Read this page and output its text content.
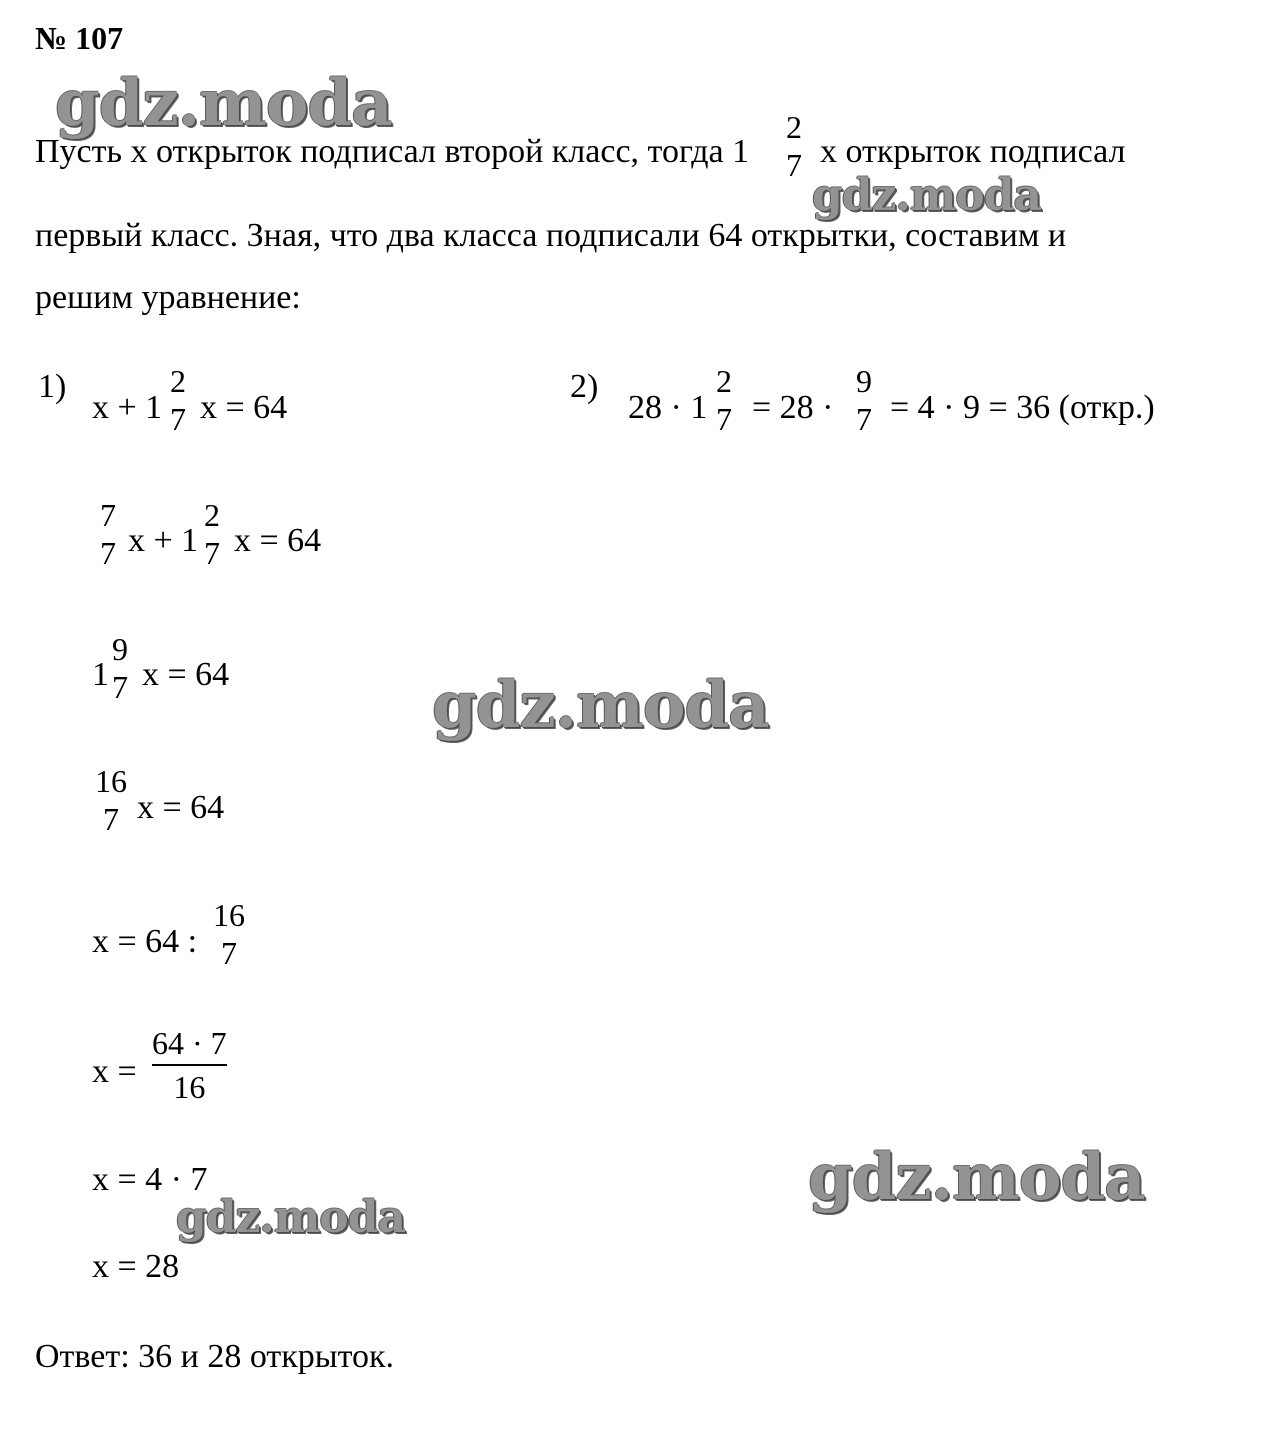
№ 107
Пусть х открыток подписал второй класс, тогда 1
2
7 х открыток подписал
первый класс. Зная, что два класса подписали 64 открытки, составим и
решим уравнение:
1)
x + 1
2
7 x = 64
7
7 x + 1
2
7 x = 64
1
9
7 x = 64
16
7 x = 64
x = 64 :
16
7
x =
64 · 7
16
x = 4 · 7
x = 28
2)
28 · 1
2
7 = 28 ·
9
7 = 4 · 9 = 36 (откр.)
Ответ: 36 и 28 открыток.
gdz.moda
gdz.moda
gdz.moda
gdz.moda
gdz.moda
